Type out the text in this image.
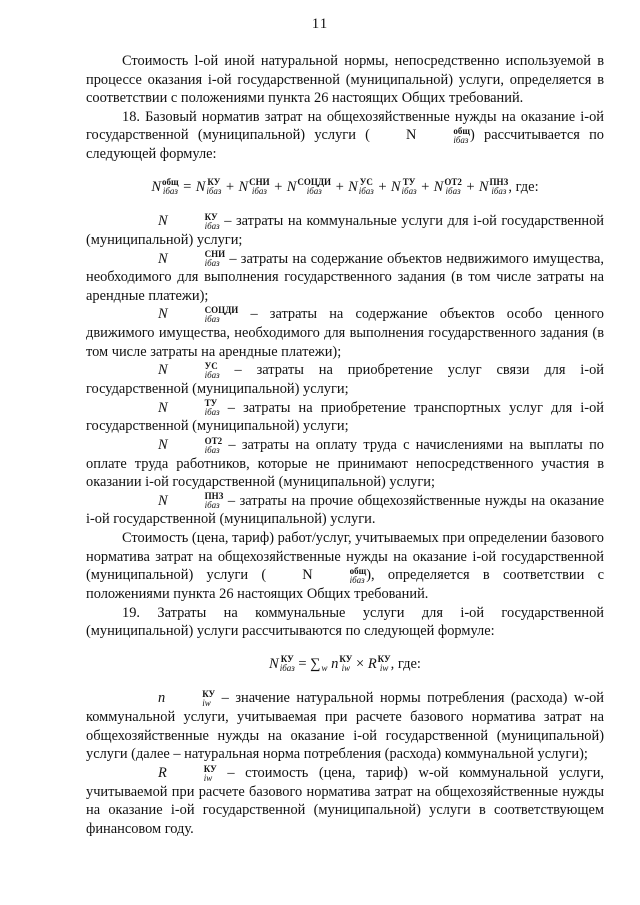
11

Стоимость l-ой иной натуральной нормы, непосредственно используемой в процессе оказания i-ой государственной (муниципальной) услуги, определяется в соответствии с положениями пункта 26 настоящих Общих требований.

18. Базовый норматив затрат на общехозяйственные нужды на оказание i-ой государственной (муниципальной) услуги (	N	общ
iбаз ) рассчитывается по следующей формуле:

N общ
iбаз = N КУ
iбаз + N СНИ
iбаз + N СОЦДИ
iбаз + N УС
iбаз + N ТУ
iбаз + N ОТ2
iбаз + N ПНЗ
iбаз , где:

N	КУ
iбаз – затраты на коммунальные услуги для i-ой государственной (муниципальной) услуги;

N	СНИ
iбаз – затраты на содержание объектов недвижимого имущества, необходимого для выполнения государственного задания (в том числе затраты на арендные платежи);

N	СОЦДИ
iбаз	– затраты на содержание объектов особо ценного движимого имущества, необходимого для выполнения государственного задания (в том числе затраты на арендные платежи);

N	УС
iбаз – затраты на приобретение услуг связи для i-ой государственной (муниципальной) услуги;

N	ТУ
iбаз – затраты на приобретение транспортных услуг для i-ой государственной (муниципальной) услуги;

N	ОТ2
iбаз – затраты на оплату труда с начислениями на выплаты по оплате труда работников, которые не принимают непосредственного участия в оказании i-ой государственной (муниципальной) услуги;

N	ПНЗ
iбаз – затраты на прочие общехозяйственные нужды на оказание i-ой государственной (муниципальной) услуги.

Стоимость (цена, тариф) работ/услуг, учитываемых при определении базового норматива затрат на общехозяйственные нужды на оказание i-ой государственной (муниципальной) услуги (	N	общ
iбаз ), определяется в соответствии с положениями пункта 26 настоящих Общих требований.

19. Затраты на коммунальные услуги для i-ой государственной (муниципальной) услуги рассчитываются по следующей формуле:

N КУ
iбаз = ∑
w n КУ
iw × R КУ
iw , где:

n	КУ
iw – значение натуральной нормы потребления (расхода) w-ой коммунальной услуги, учитываемая при расчете базового норматива затрат на общехозяйственные нужды на оказание i-ой государственной (муниципальной) услуги (далее – натуральная норма потребления (расхода) коммунальной услуги);

R	КУ
iw – стоимость (цена, тариф) w-ой коммунальной услуги, учитываемой при расчете базового норматива затрат на общехозяйственные нужды на оказание i-ой государственной (муниципальной) услуги в соответствующем финансовом году.
